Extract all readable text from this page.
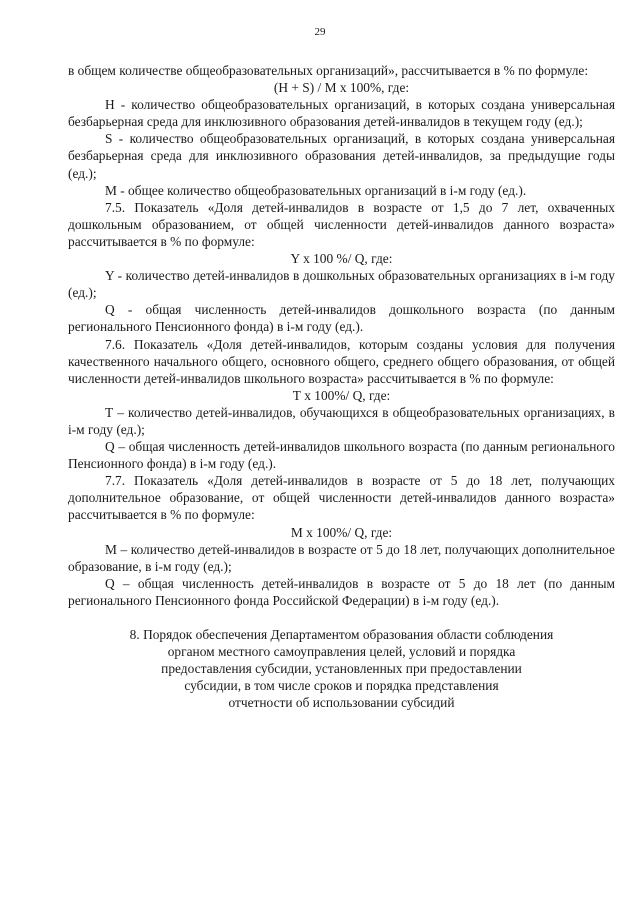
29

в общем количестве общеобразовательных организаций», рассчитывается в % по формуле:

(Н + S) / М х 100%, где:

Н - количество общеобразовательных организаций, в которых создана универсальная безбарьерная среда для инклюзивного образования детей-инвалидов в текущем году (ед.);

S - количество общеобразовательных организаций, в которых создана универсальная безбарьерная среда для инклюзивного образования детей-инвалидов, за предыдущие годы (ед.);

М - общее количество общеобразовательных организаций в i-м году (ед.).

7.5. Показатель «Доля детей-инвалидов в возрасте от 1,5 до 7 лет, охваченных дошкольным образованием, от общей численности детей-инвалидов данного возраста» рассчитывается в % по формуле:

Y х 100 %/ Q, где:

Y - количество детей-инвалидов в дошкольных образовательных организациях в i-м году (ед.);

Q - общая численность детей-инвалидов дошкольного возраста (по данным регионального Пенсионного фонда) в i-м году (ед.).

7.6. Показатель «Доля детей-инвалидов, которым созданы условия для получения качественного начального общего, основного общего, среднего общего образования, от общей численности детей-инвалидов школьного возраста» рассчитывается в % по формуле:

Т х 100%/ Q, где:

Т – количество детей-инвалидов, обучающихся в общеобразовательных организациях, в i-м году (ед.);

Q – общая численность детей-инвалидов школьного возраста (по данным регионального Пенсионного фонда) в i-м году (ед.).

7.7. Показатель «Доля детей-инвалидов в возрасте от 5 до 18 лет, получающих дополнительное образование, от общей численности детей-инвалидов данного возраста» рассчитывается в % по формуле:

М х 100%/ Q, где:

М – количество детей-инвалидов в возрасте от 5 до 18 лет, получающих дополнительное образование, в i-м году (ед.);

Q – общая численность детей-инвалидов в возрасте от 5 до 18 лет (по данным регионального Пенсионного фонда Российской Федерации) в i-м году (ед.).

8. Порядок обеспечения Департаментом образования области соблюдения
органом местного самоуправления целей, условий и порядка
предоставления субсидии, установленных при предоставлении
субсидии, в том числе сроков и порядка представления
отчетности об использовании субсидий
